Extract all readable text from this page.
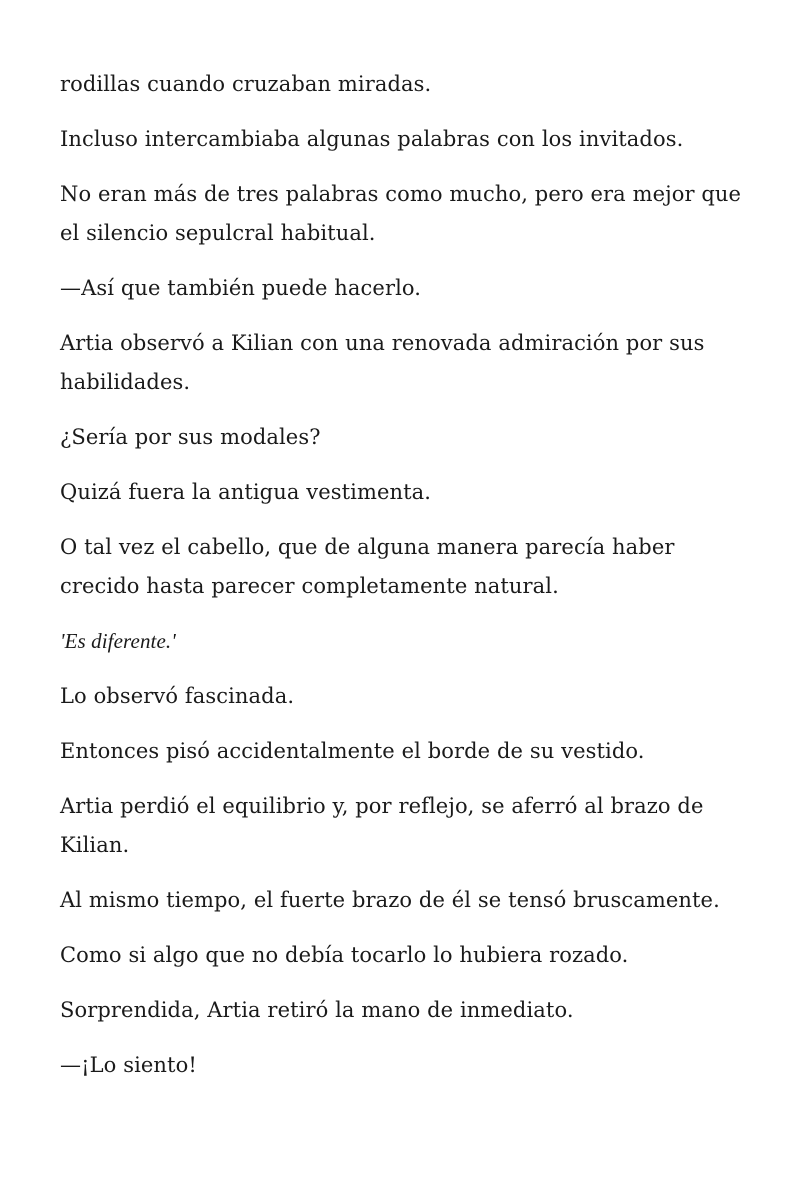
rodillas cuando cruzaban miradas.

Incluso intercambiaba algunas palabras con los invitados.

No eran más de tres palabras como mucho, pero era mejor que el silencio sepulcral habitual.

—Así que también puede hacerlo.

Artia observó a Kilian con una renovada admiración por sus habilidades.

¿Sería por sus modales?

Quizá fuera la antigua vestimenta.

O tal vez el cabello, que de alguna manera parecía haber crecido hasta parecer completamente natural.

'Es diferente.'

Lo observó fascinada.

Entonces pisó accidentalmente el borde de su vestido.

Artia perdió el equilibrio y, por reflejo, se aferró al brazo de Kilian.

Al mismo tiempo, el fuerte brazo de él se tensó bruscamente.

Como si algo que no debía tocarlo lo hubiera rozado.

Sorprendida, Artia retiró la mano de inmediato.

—¡Lo siento!
